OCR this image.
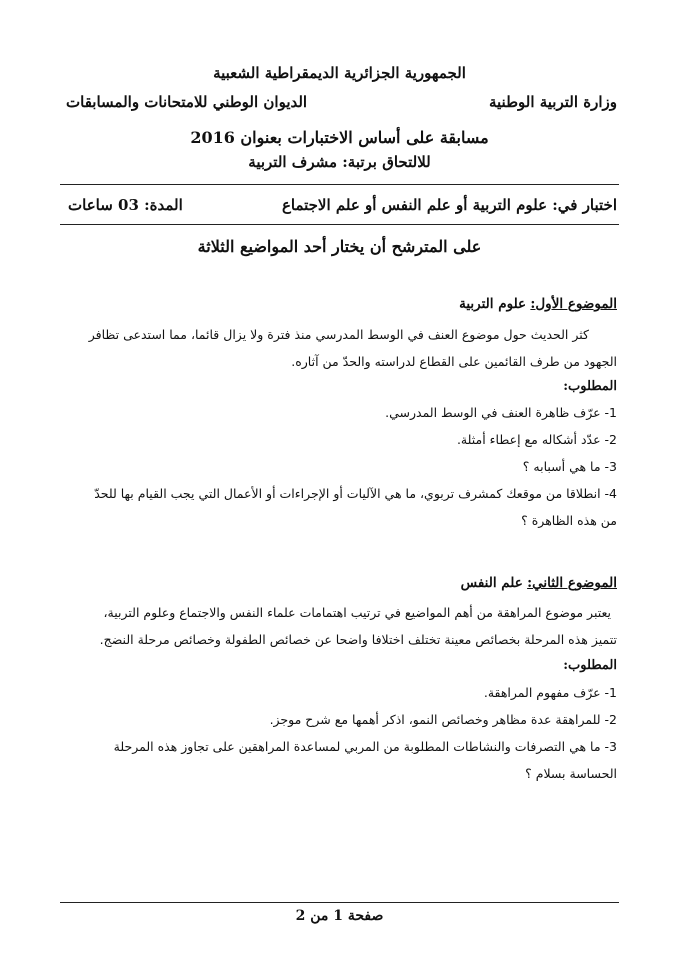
الجمهورية الجزائرية الديمقراطية الشعبية
وزارة التربية الوطنية
الديوان الوطني للامتحانات والمسابقات
مسابقة على أساس الاختبارات بعنوان 2016
للالتحاق برتبة: مشرف التربية
اختبار في: علوم التربية أو علم النفس أو علم الاجتماع
المدة: 03 ساعات
على المترشح أن يختار أحد المواضيع الثلاثة
الموضوع الأول: علوم التربية
كثر الحديث حول موضوع العنف في الوسط المدرسي منذ فترة ولا يزال قائما، مما استدعى تظافر
الجهود من طرف القائمين على القطاع لدراسته والحدّ من آثاره.
المطلوب:
1- عرّف ظاهرة العنف في الوسط المدرسي.
2- عدّد أشكاله مع إعطاء أمثلة.
3- ما هي أسبابه ؟
4- انطلاقا من موقعك كمشرف تربوي، ما هي الآليات أو الإجراءات أو الأعمال التي يجب القيام بها للحدّ
من هذه الظاهرة ؟
الموضوع الثاني: علم النفس
يعتبر موضوع المراهقة من أهم المواضيع في ترتيب اهتمامات علماء النفس والاجتماع وعلوم التربية،
تتميز هذه المرحلة بخصائص معينة تختلف اختلافا واضحا عن خصائص الطفولة وخصائص مرحلة النضج.
المطلوب:
1- عرّف مفهوم المراهقة.
2- للمراهقة عدة مظاهر وخصائص النمو، اذكر أهمها مع شرح موجز.
3- ما هي التصرفات والنشاطات المطلوبة من المربي لمساعدة المراهقين على تجاوز هذه المرحلة
الحساسة بسلام ؟
صفحة 1 من 2
